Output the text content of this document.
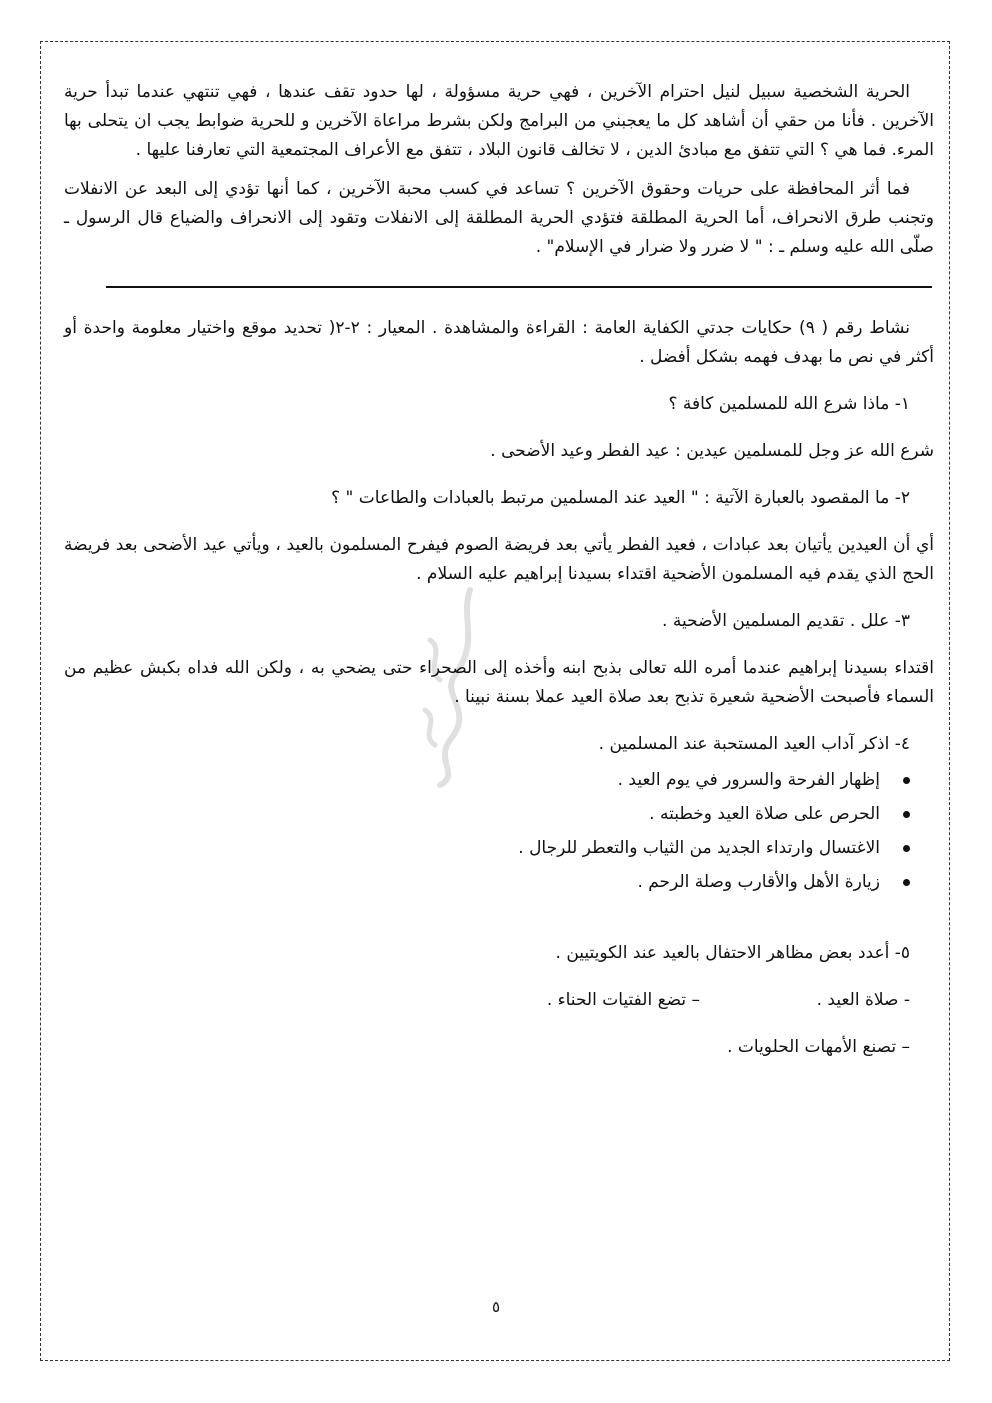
الحرية الشخصية سبيل لنيل احترام الآخرين ، فهي حرية مسؤولة ، لها حدود تقف عندها ، فهي تنتهي عندما تبدأ حرية الآخرين . فأنا من حقي أن أشاهد كل ما يعجبني من البرامج ولكن بشرط مراعاة الآخرين و للحرية ضوابط يجب ان يتحلى بها المرء. فما هي ؟ التي تتفق مع مبادئ الدين ، لا تخالف قانون البلاد ، تتفق مع الأعراف المجتمعية التي تعارفنا عليها .

فما أثر المحافظة على حريات وحقوق الآخرين ؟ تساعد في كسب محبة الآخرين ، كما أنها تؤدي إلى البعد عن الانفلات وتجنب طرق الانحراف، أما الحرية المطلقة فتؤدي الحرية المطلقة إلى الانفلات وتقود إلى الانحراف والضياع قال الرسول ـ صلّى الله عليه وسلم ـ : " لا ضرر ولا ضرار في الإسلام" .

نشاط رقم ( ٩) حكايات جدتي الكفاية العامة : القراءة والمشاهدة . المعيار : ٢-٢( تحديد موقع واختيار معلومة واحدة أو أكثر في نص ما بهدف فهمه بشكل أفضل .

١- ماذا شرع الله للمسلمين كافة ؟

شرع الله عز وجل للمسلمين عيدين : عيد الفطر وعيد الأضحى .

٢- ما المقصود بالعبارة الآتية : " العيد عند المسلمين مرتبط بالعبادات والطاعات " ؟

أي أن العيدين يأتيان بعد عبادات ، فعيد الفطر يأتي بعد فريضة الصوم فيفرح المسلمون بالعيد ، ويأتي عيد الأضحى بعد فريضة الحج الذي يقدم فيه المسلمون الأضحية اقتداء بسيدنا إبراهيم عليه السلام .

٣- علل . تقديم المسلمين الأضحية .

اقتداء بسيدنا إبراهيم عندما أمره الله تعالى بذبح ابنه وأخذه إلى الصحراء حتى يضحي به ، ولكن الله فداه بكبش عظيم من السماء فأصبحت الأضحية شعيرة تذبح بعد صلاة العيد عملا بسنة نبينا .

٤- اذكر آداب العيد المستحبة عند المسلمين .

إظهار الفرحة والسرور في يوم العيد .
الحرص على صلاة العيد وخطبته .
الاغتسال وارتداء الجديد من الثياب والتعطر للرجال .
زيارة الأهل والأقارب وصلة الرحم .

٥- أعدد بعض مظاهر الاحتفال بالعيد عند الكويتيين .

- صلاة العيد .
– تضع الفتيات الحناء .
– تصنع الأمهات الحلويات .
٥
